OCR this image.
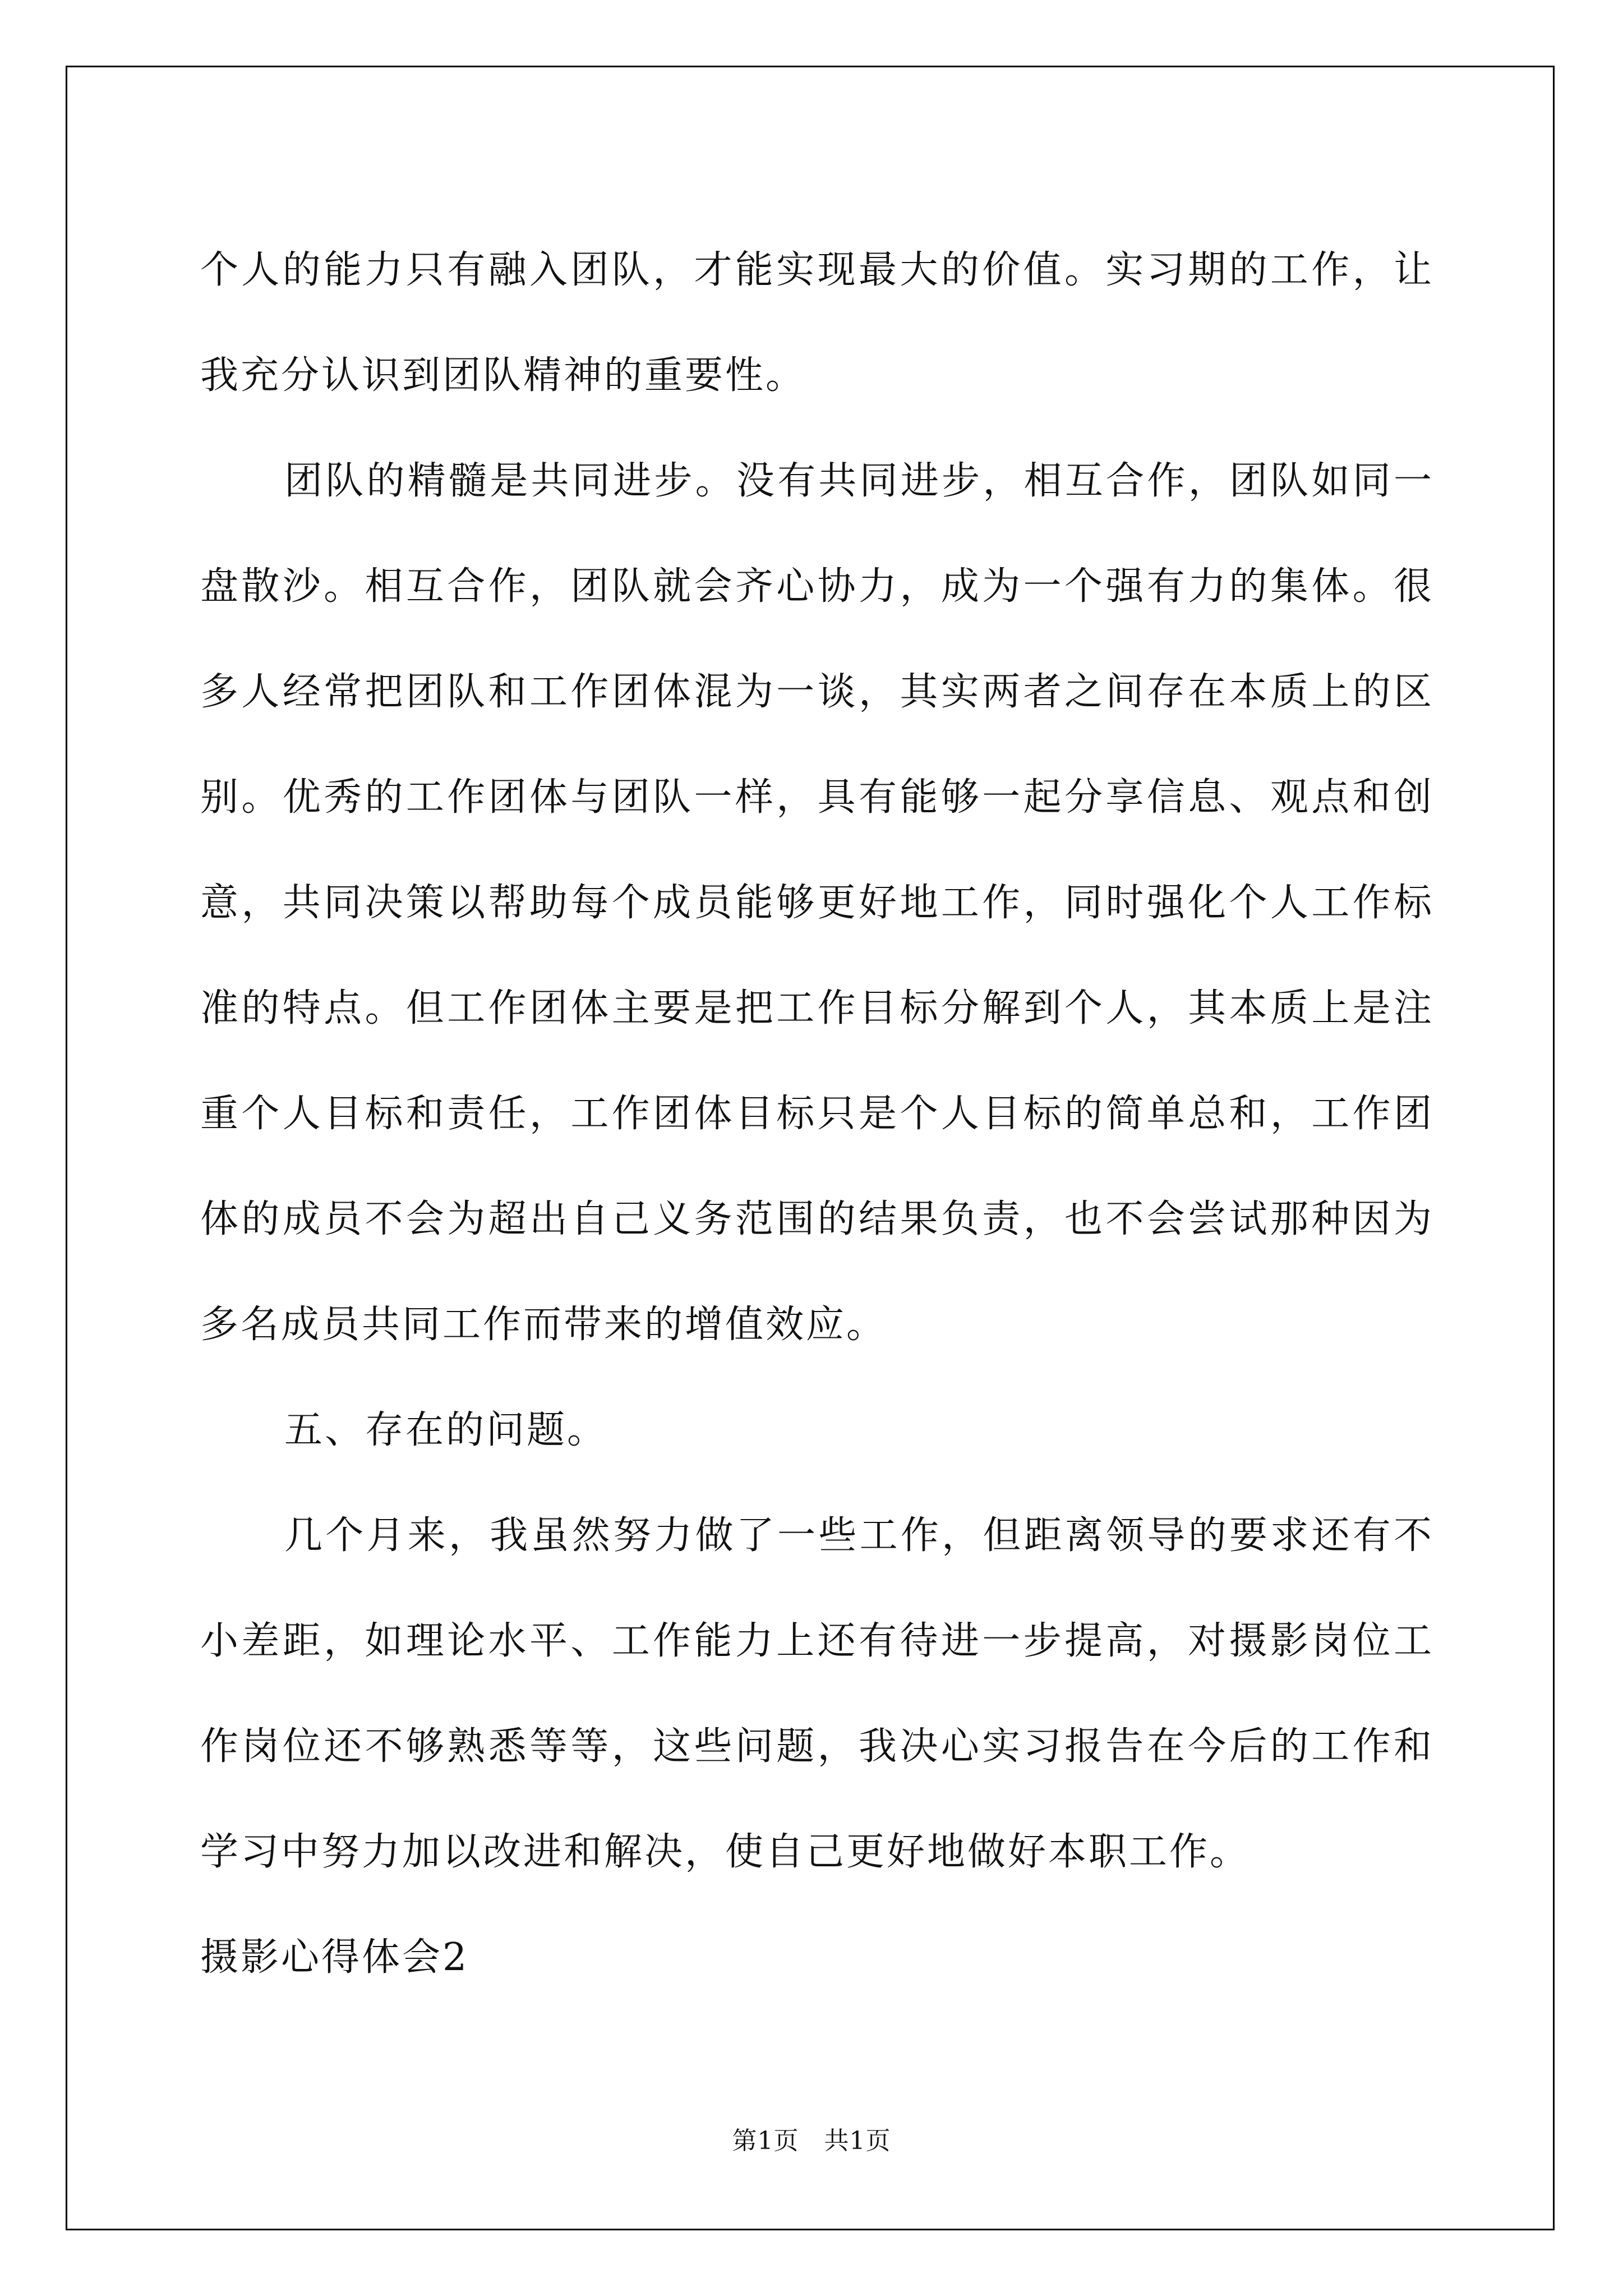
个人的能力只有融入团队，才能实现最大的价值。实习期的工作，让我充分认识到团队精神的重要性。

团队的精髓是共同进步。没有共同进步，相互合作，团队如同一盘散沙。相互合作，团队就会齐心协力，成为一个强有力的集体。很多人经常把团队和工作团体混为一谈，其实两者之间存在本质上的区别。优秀的工作团体与团队一样，具有能够一起分享信息、观点和创意，共同决策以帮助每个成员能够更好地工作，同时强化个人工作标准的特点。但工作团体主要是把工作目标分解到个人，其本质上是注重个人目标和责任，工作团体目标只是个人目标的简单总和，工作团体的成员不会为超出自己义务范围的结果负责，也不会尝试那种因为多名成员共同工作而带来的增值效应。

五、存在的问题。

几个月来，我虽然努力做了一些工作，但距离领导的要求还有不小差距，如理论水平、工作能力上还有待进一步提高，对摄影岗位工作岗位还不够熟悉等等，这些问题，我决心实习报告在今后的工作和学习中努力加以改进和解决，使自己更好地做好本职工作。

摄影心得体会2

第1页　共1页
